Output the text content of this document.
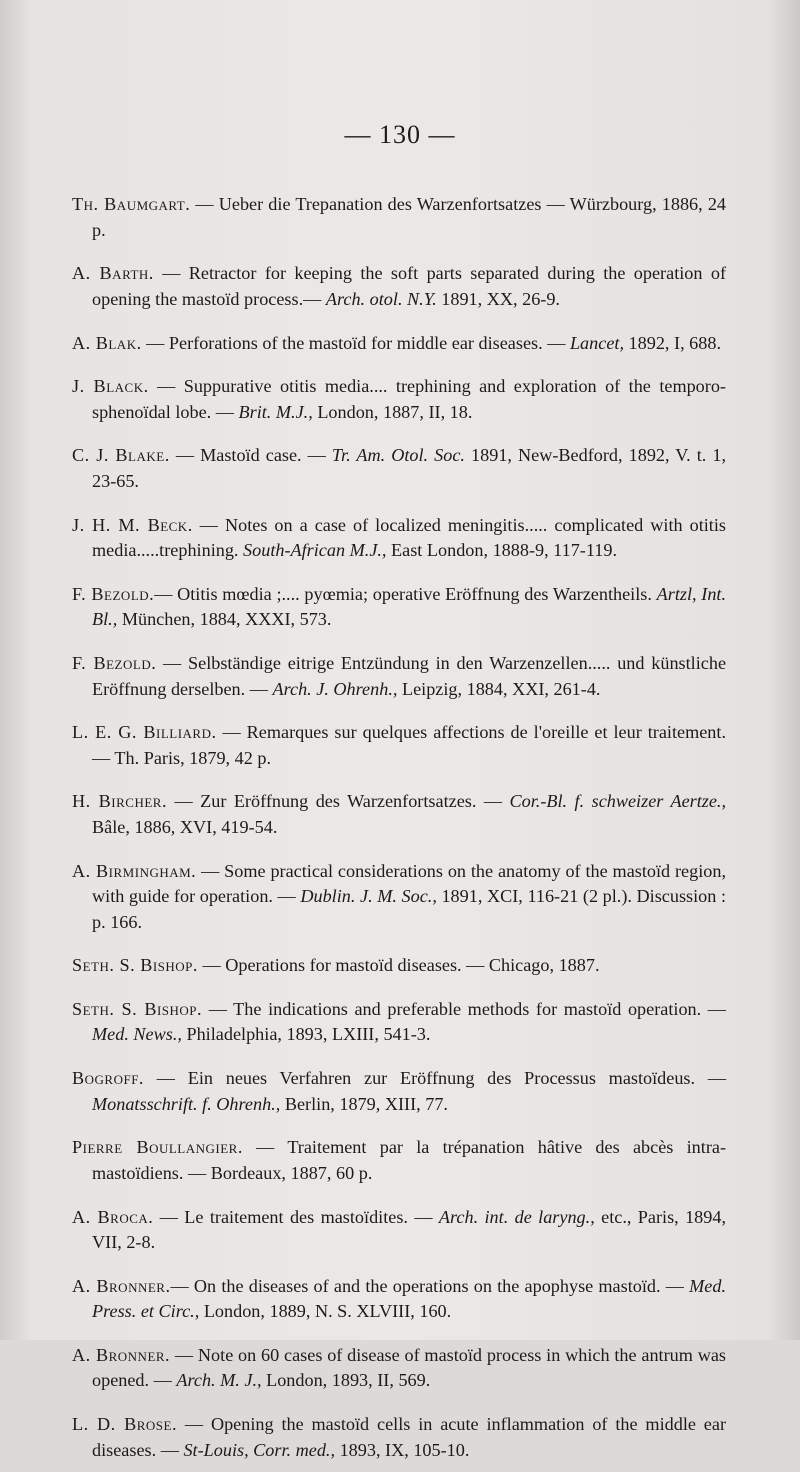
— 130 —

Th. Baumgart. — Ueber die Trepanation des Warzenfortsatzes — Würzbourg, 1886, 24 p.

A. Barth. — Retractor for keeping the soft parts separated during the operation of opening the mastoïd process.— Arch. otol. N.Y. 1891, XX, 26-9.

A. Blak. — Perforations of the mastoïd for middle ear diseases. — Lancet, 1892, I, 688.

J. Black. — Suppurative otitis media.... trephining and exploration of the temporo-sphenoïdal lobe. — Brit. M.J., London, 1887, II, 18.

C. J. Blake. — Mastoïd case. — Tr. Am. Otol. Soc. 1891, New-Bedford, 1892, V. t. 1, 23-65.

J. H. M. Beck. — Notes on a case of localized meningitis..... complicated with otitis media.....trephining. South-African M.J., East London, 1888-9, 117-119.

F. Bezold.— Otitis mœdia ;.... pyœmia; operative Eröffnung des Warzentheils. Artzl, Int. Bl., München, 1884, XXXI, 573.

F. Bezold. — Selbständige eitrige Entzündung in den Warzenzellen..... und künstliche Eröffnung derselben. — Arch. J. Ohrenh., Leipzig, 1884, XXI, 261-4.

L. E. G. Billiard. — Remarques sur quelques affections de l'oreille et leur traitement. — Th. Paris, 1879, 42 p.

H. Bircher. — Zur Eröffnung des Warzenfortsatzes. — Cor.-Bl. f. schweizer Aertze., Bâle, 1886, XVI, 419-54.

A. Birmingham. — Some practical considerations on the anatomy of the mastoïd region, with guide for operation. — Dublin. J. M. Soc., 1891, XCI, 116-21 (2 pl.). Discussion : p. 166.

Seth. S. Bishop. — Operations for mastoïd diseases. — Chicago, 1887.

Seth. S. Bishop. — The indications and preferable methods for mastoïd operation. — Med. News., Philadelphia, 1893, LXIII, 541-3.

Bogroff. — Ein neues Verfahren zur Eröffnung des Processus mastoïdeus. — Monatsschrift. f. Ohrenh., Berlin, 1879, XIII, 77.

Pierre Boullangier. — Traitement par la trépanation hâtive des abcès intra-mastoïdiens. — Bordeaux, 1887, 60 p.

A. Broca. — Le traitement des mastoïdites. — Arch. int. de laryng., etc., Paris, 1894, VII, 2-8.

A. Bronner.— On the diseases of and the operations on the apophyse mastoïd. — Med. Press. et Circ., London, 1889, N. S. XLVIII, 160.

A. Bronner. — Note on 60 cases of disease of mastoïd process in which the antrum was opened. — Arch. M. J., London, 1893, II, 569.

L. D. Brose. — Opening the mastoïd cells in acute inflammation of the middle ear diseases. — St-Louis, Corr. med., 1893, IX, 105-10.
